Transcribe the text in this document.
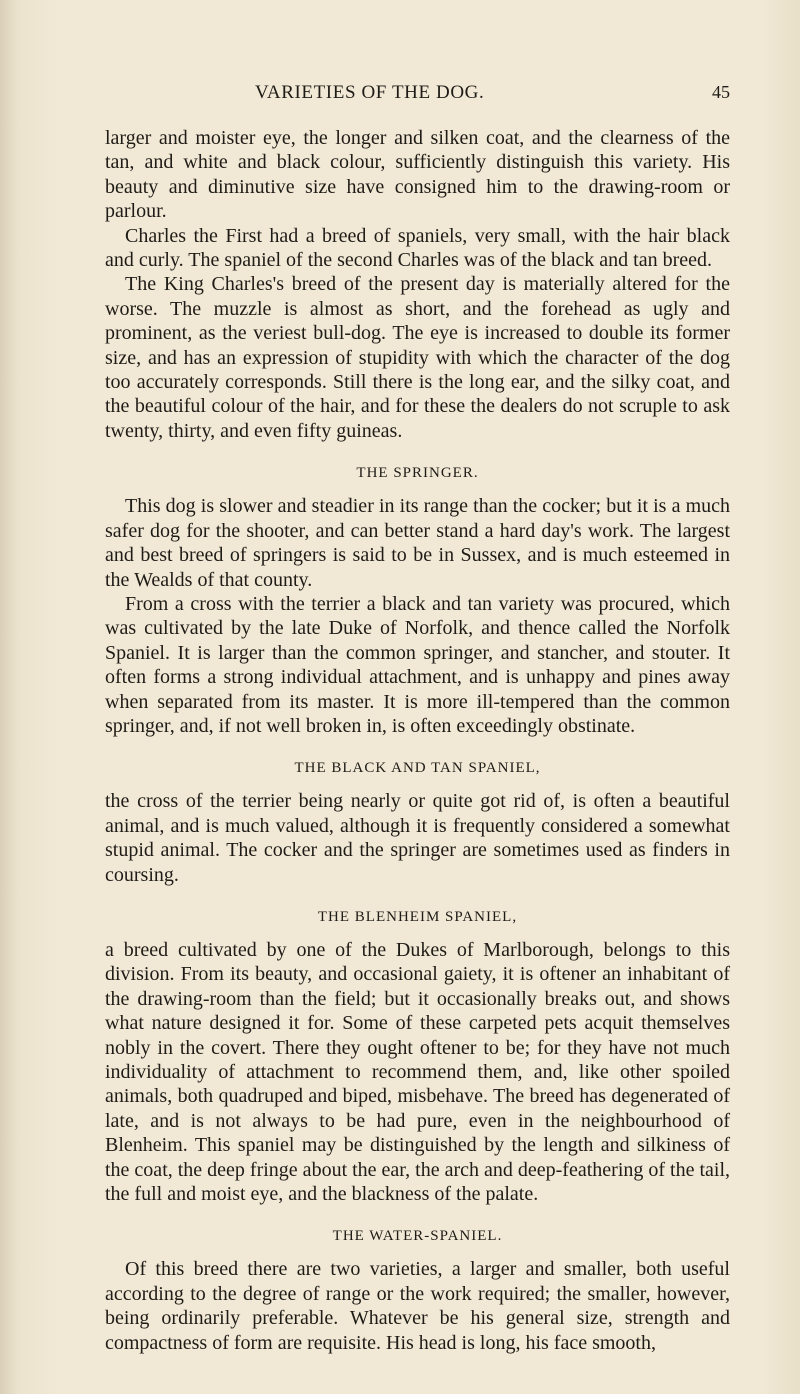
VARIETIES OF THE DOG.	45

larger and moister eye, the longer and silken coat, and the clearness of the tan, and white and black colour, sufficiently distinguish this variety. His beauty and diminutive size have consigned him to the drawing-room or parlour.

Charles the First had a breed of spaniels, very small, with the hair black and curly. The spaniel of the second Charles was of the black and tan breed.

The King Charles's breed of the present day is materially altered for the worse. The muzzle is almost as short, and the forehead as ugly and prominent, as the veriest bull-dog. The eye is increased to double its former size, and has an expression of stupidity with which the character of the dog too accurately corresponds. Still there is the long ear, and the silky coat, and the beautiful colour of the hair, and for these the dealers do not scruple to ask twenty, thirty, and even fifty guineas.

THE SPRINGER.

This dog is slower and steadier in its range than the cocker; but it is a much safer dog for the shooter, and can better stand a hard day's work. The largest and best breed of springers is said to be in Sussex, and is much esteemed in the Wealds of that county.

From a cross with the terrier a black and tan variety was procured, which was cultivated by the late Duke of Norfolk, and thence called the Norfolk Spaniel. It is larger than the common springer, and stancher, and stouter. It often forms a strong individual attachment, and is unhappy and pines away when separated from its master. It is more ill-tempered than the common springer, and, if not well broken in, is often exceedingly obstinate.

THE BLACK AND TAN SPANIEL,

the cross of the terrier being nearly or quite got rid of, is often a beautiful animal, and is much valued, although it is frequently considered a somewhat stupid animal. The cocker and the springer are sometimes used as finders in coursing.

THE BLENHEIM SPANIEL,

a breed cultivated by one of the Dukes of Marlborough, belongs to this division. From its beauty, and occasional gaiety, it is oftener an inhabitant of the drawing-room than the field; but it occasionally breaks out, and shows what nature designed it for. Some of these carpeted pets acquit themselves nobly in the covert. There they ought oftener to be; for they have not much individuality of attachment to recommend them, and, like other spoiled animals, both quadruped and biped, misbehave. The breed has degenerated of late, and is not always to be had pure, even in the neighbourhood of Blenheim. This spaniel may be distinguished by the length and silkiness of the coat, the deep fringe about the ear, the arch and deep-feathering of the tail, the full and moist eye, and the blackness of the palate.

THE WATER-SPANIEL.

Of this breed there are two varieties, a larger and smaller, both useful according to the degree of range or the work required; the smaller, however, being ordinarily preferable. Whatever be his general size, strength and compactness of form are requisite. His head is long, his face smooth,
